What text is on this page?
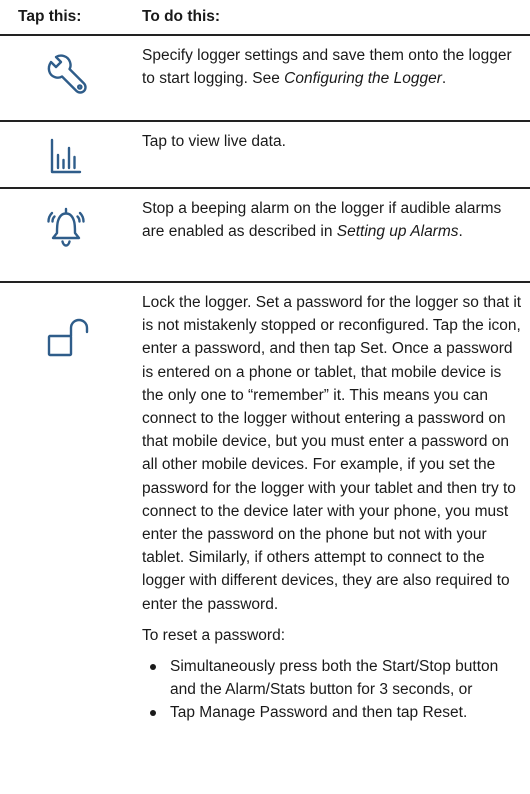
Tap this:	To do this:

Specify logger settings and save them onto the logger to start logging. See Configuring the Logger.

Tap to view live data.

Stop a beeping alarm on the logger if audible alarms are enabled as described in Setting up Alarms.

Lock the logger. Set a password for the logger so that it is not mistakenly stopped or reconfigured. Tap the icon, enter a password, and then tap Set. Once a password is entered on a phone or tablet, that mobile device is the only one to “remember” it. This means you can connect to the logger without entering a password on that mobile device, but you must enter a password on all other mobile devices. For example, if you set the password for the logger with your tablet and then try to connect to the device later with your phone, you must enter the password on the phone but not with your tablet. Similarly, if others attempt to connect to the logger with different devices, they are also required to enter the password.

To reset a password:

Simultaneously press both the Start/Stop button and the Alarm/Stats button for 3 seconds, or
Tap Manage Password and then tap Reset.
